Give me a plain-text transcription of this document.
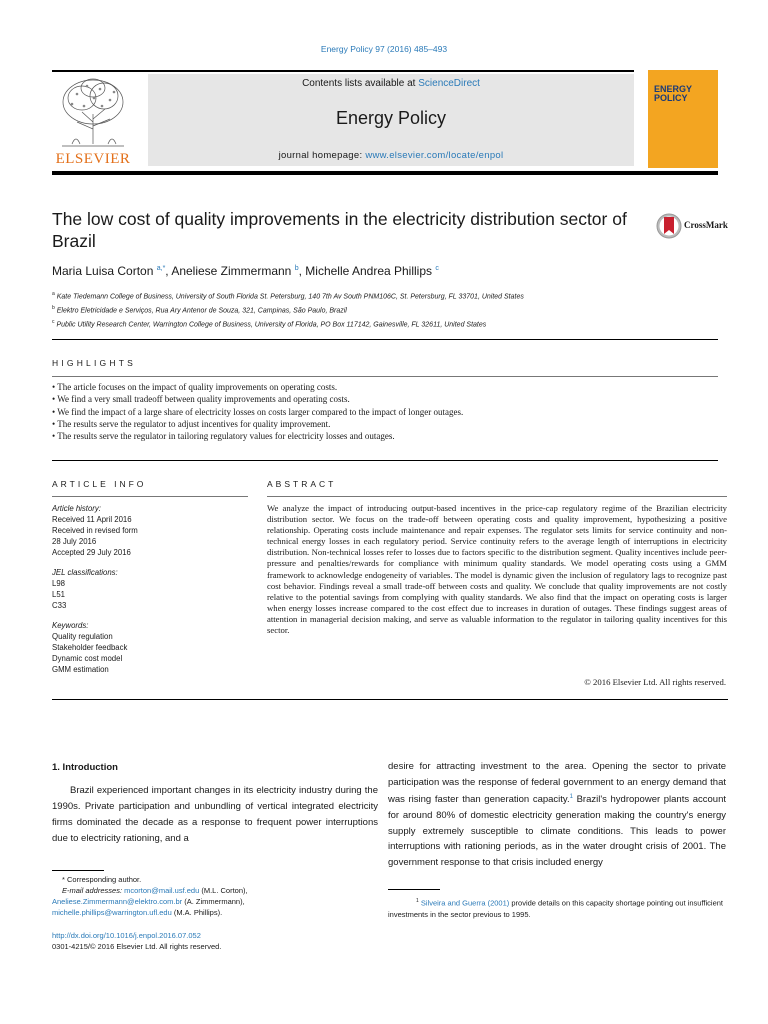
Energy Policy 97 (2016) 485–493
ELSEVIER
Contents lists available at ScienceDirect
Energy Policy
journal homepage: www.elsevier.com/locate/enpol
ENERGY
POLICY
The low cost of quality improvements in the electricity distribution sector of Brazil
CrossMark
Maria Luisa Corton $^{a,*}$, Aneliese Zimmermann $^b$, Michelle Andrea Phillips $^c$
$^a$ Kate Tiedemann College of Business, University of South Florida St. Petersburg, 140 7th Av South PNM106C, St. Petersburg, FL 33701, United States
$^b$ Elektro Eletricidade e Serviços, Rua Ary Antenor de Souza, 321, Campinas, São Paulo, Brazil
$^c$ Public Utility Research Center, Warrington College of Business, University of Florida, PO Box 117142, Gainesville, FL 32611, United States
HIGHLIGHTS
• The article focuses on the impact of quality improvements on operating costs.
• We find a very small tradeoff between quality improvements and operating costs.
• We find the impact of a large share of electricity losses on costs larger compared to the impact of longer outages.
• The results serve the regulator to adjust incentives for quality improvement.
• The results serve the regulator in tailoring regulatory values for electricity losses and outages.
ARTICLE INFO	ABSTRACT
Article history:
Received 11 April 2016
Received in revised form
28 July 2016
Accepted 29 July 2016
JEL classifications:
L98
L51
C33
Keywords:
Quality regulation
Stakeholder feedback
Dynamic cost model
GMM estimation
We analyze the impact of introducing output-based incentives in the price-cap regulatory regime of the Brazilian electricity distribution sector. We focus on the trade-off between operating costs and quality improvement, hypothesizing a positive relationship. Operating costs include maintenance and repair expenses. The regulator sets limits for service continuity and non-technical energy losses in each regulatory period. Service continuity refers to the average length of interruptions in electricity distribution. Non-technical losses refer to losses due to factors specific to the distribution segment. Quality incentives include peer-pressure and penalties/rewards for compliance with minimum quality standards. We model operating costs using a GMM framework to acknowledge endogeneity of variables. The model is dynamic given the inclusion of regulatory lags to recognize past cost behavior. Findings reveal a small trade-off between costs and quality. We conclude that quality improvements are not costly relative to the potential savings from complying with quality standards. We also find that the impact on operating costs is larger when energy losses increase compared to the cost effect due to increases in duration of outages. These findings suggest areas of attention in managerial decision making, and serve as valuable information to the regulator in tailoring quality incentives for this sector.
© 2016 Elsevier Ltd. All rights reserved.
1. Introduction
Brazil experienced important changes in its electricity industry during the 1990s. Private participation and unbundling of vertical integrated electricity firms dominated the decade as a response to frequent power interruptions due to electricity rationing, and a
desire for attracting investment to the area. Opening the sector to private participation was the response of federal government to an energy demand that was rising faster than generation capacity.$^1$ Brazil's hydropower plants account for around 80% of domestic electricity generation making the country's energy supply extremely susceptible to climate conditions. This leads to power interruptions with rationing periods, as in the water drought crisis of 2001. The government response to that crisis included energy
* Corresponding author.
E-mail addresses: mcorton@mail.usf.edu (M.L. Corton),
Aneliese.Zimmermann@elektro.com.br (A. Zimmermann),
michelle.phillips@warrington.ufl.edu (M.A. Phillips).
http://dx.doi.org/10.1016/j.enpol.2016.07.052
0301-4215/© 2016 Elsevier Ltd. All rights reserved.
$^1$ Silveira and Guerra (2001) provide details on this capacity shortage pointing out insufficient investments in the sector previous to 1995.
